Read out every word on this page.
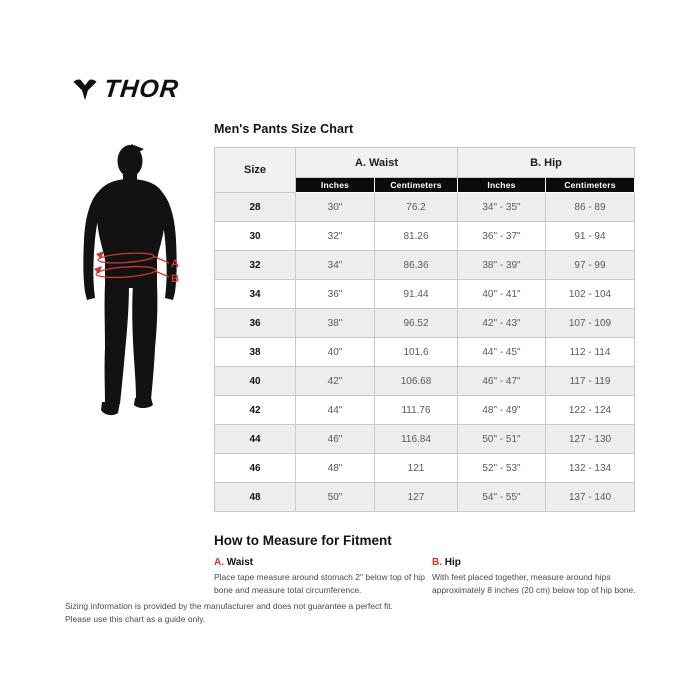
THOR
A
B
Men's Pants Size Chart
Size	A. Waist		B. Hip	
	Inches	Centimeters	Inches	Centimeters
28	30"	76.2	34" - 35"	86 - 89
30	32"	81.26	36" - 37"	91 - 94
32	34"	86.36	38" - 39"	97 - 99
34	36"	91.44	40" - 41"	102 - 104
36	38"	96.52	42" - 43"	107 - 109
38	40"	101.6	44" - 45"	112 - 114
40	42"	106.68	46" - 47"	117 - 119
42	44"	111.76	48" - 49"	122 - 124
44	46"	116.84	50" - 51"	127 - 130
46	48"	121	52" - 53"	132 - 134
48	50"	127	54" - 55"	137 - 140
How to Measure for Fitment

A. Waist

Place tape measure around stomach 2" below top of hip bone and measure total circumference.

B. Hip

With feet placed together, measure around hips approximately 8 inches (20 cm) below top of hip bone.

Sizing information is provided by the manufacturer and does not guarantee a perfect fit.
Please use this chart as a guide only.
